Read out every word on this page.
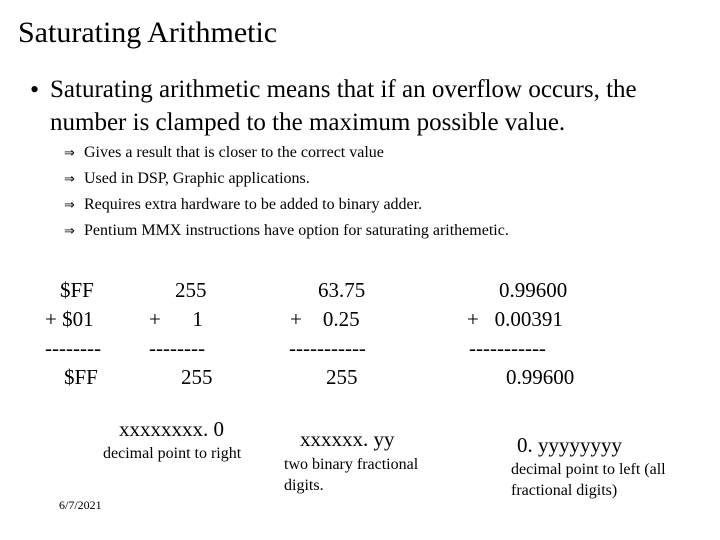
Saturating Arithmetic
• Saturating arithmetic means that if an overflow occurs, the number is clamped to the maximum possible value.
⇒ Gives a result that is closer to the correct value
⇒ Used in DSP, Graphic applications.
⇒ Requires extra hardware to be added to binary adder.
⇒ Pentium MMX instructions have option for saturating arithemetic.
$FF
+ $01
--------
$FF
255
+      1
--------
255
63.75
+    0.25
-----------
255
0.99600
+   0.00391
-----------
0.99600
xxxxxxxx. 0
decimal point to right
xxxxxx. yy
two binary fractional
digits.
0. yyyyyyyy
decimal point to left (all
fractional digits)
6/7/2021
